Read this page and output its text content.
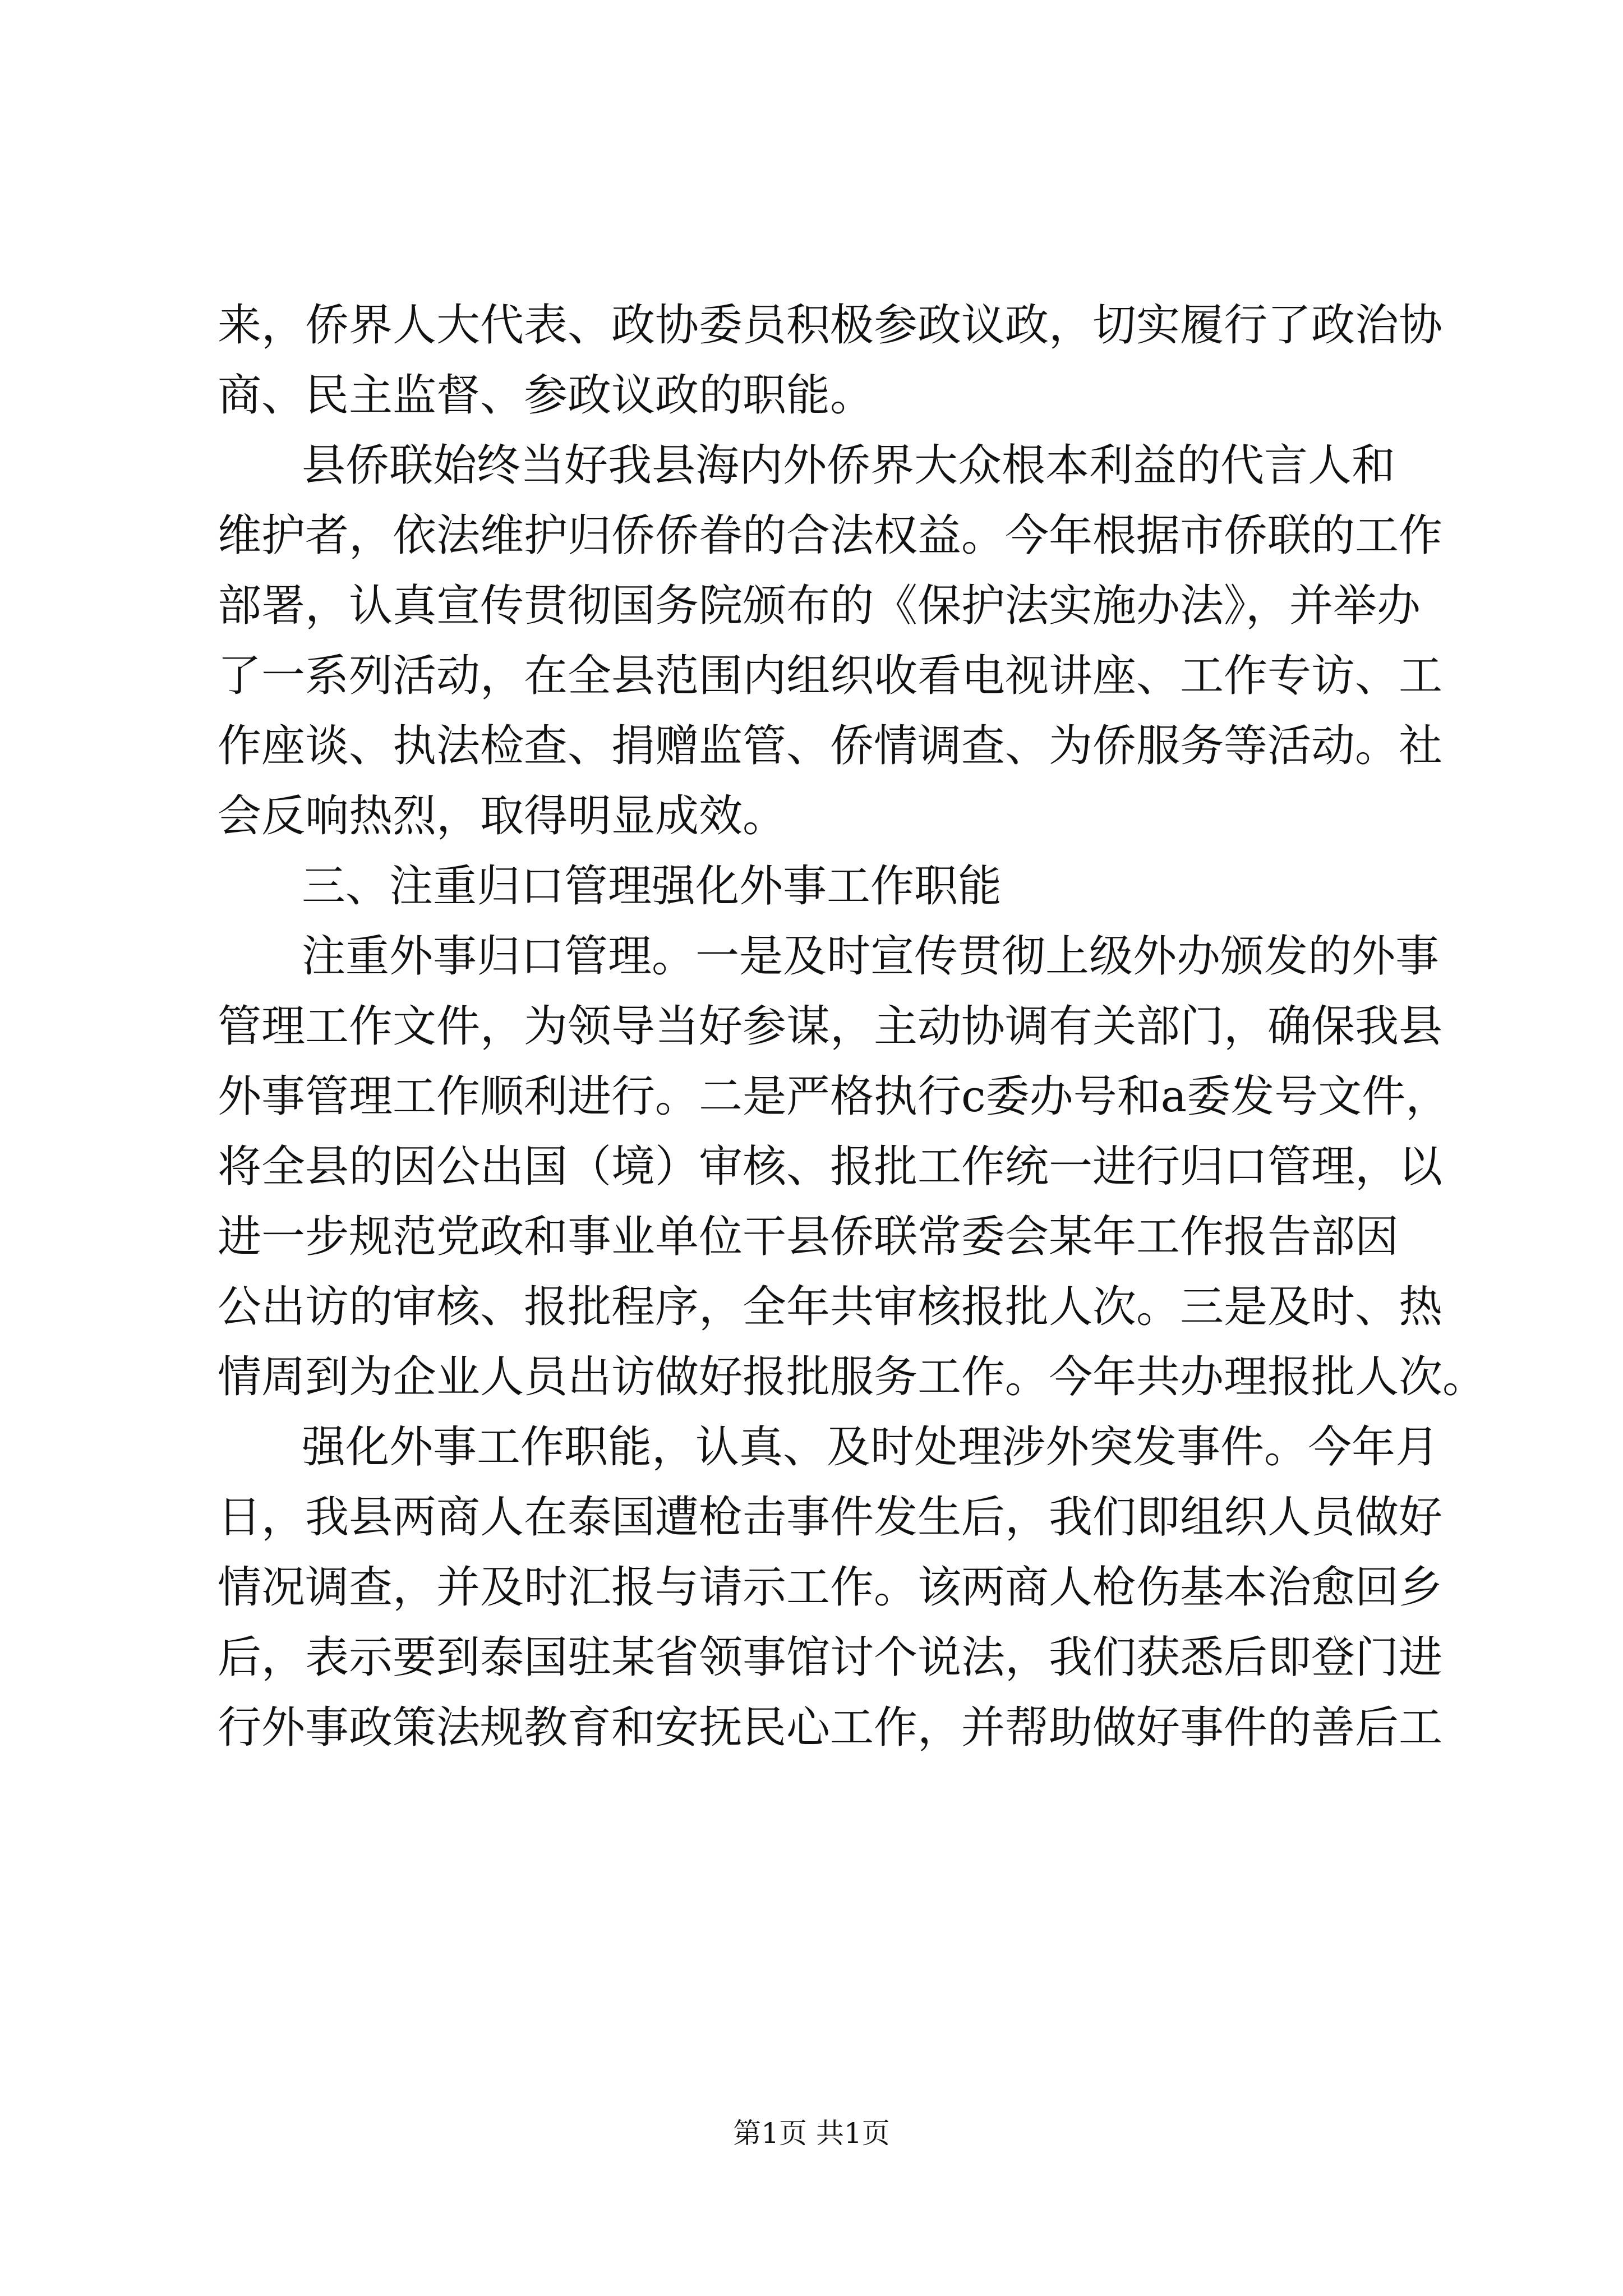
来，侨界人大代表、政协委员积极参政议政，切实履行了政治协
商、民主监督、参政议政的职能。
县侨联始终当好我县海内外侨界大众根本利益的代言人和
维护者，依法维护归侨侨眷的合法权益。今年根据市侨联的工作
部署，认真宣传贯彻国务院颁布的《保护法实施办法》，并举办
了一系列活动，在全县范围内组织收看电视讲座、工作专访、工
作座谈、执法检查、捐赠监管、侨情调查、为侨服务等活动。社
会反响热烈，取得明显成效。
三、注重归口管理强化外事工作职能
注重外事归口管理。一是及时宣传贯彻上级外办颁发的外事
管理工作文件，为领导当好参谋，主动协调有关部门，确保我县
外事管理工作顺利进行。二是严格执行c委办号和a委发号文件，
将全县的因公出国（境）审核、报批工作统一进行归口管理，以
进一步规范党政和事业单位干县侨联常委会某年工作报告部因
公出访的审核、报批程序，全年共审核报批人次。三是及时、热
情周到为企业人员出访做好报批服务工作。今年共办理报批人次。
强化外事工作职能，认真、及时处理涉外突发事件。今年月
日，我县两商人在泰国遭枪击事件发生后，我们即组织人员做好
情况调查，并及时汇报与请示工作。该两商人枪伤基本治愈回乡
后，表示要到泰国驻某省领事馆讨个说法，我们获悉后即登门进
行外事政策法规教育和安抚民心工作，并帮助做好事件的善后工
第1页 共1页
